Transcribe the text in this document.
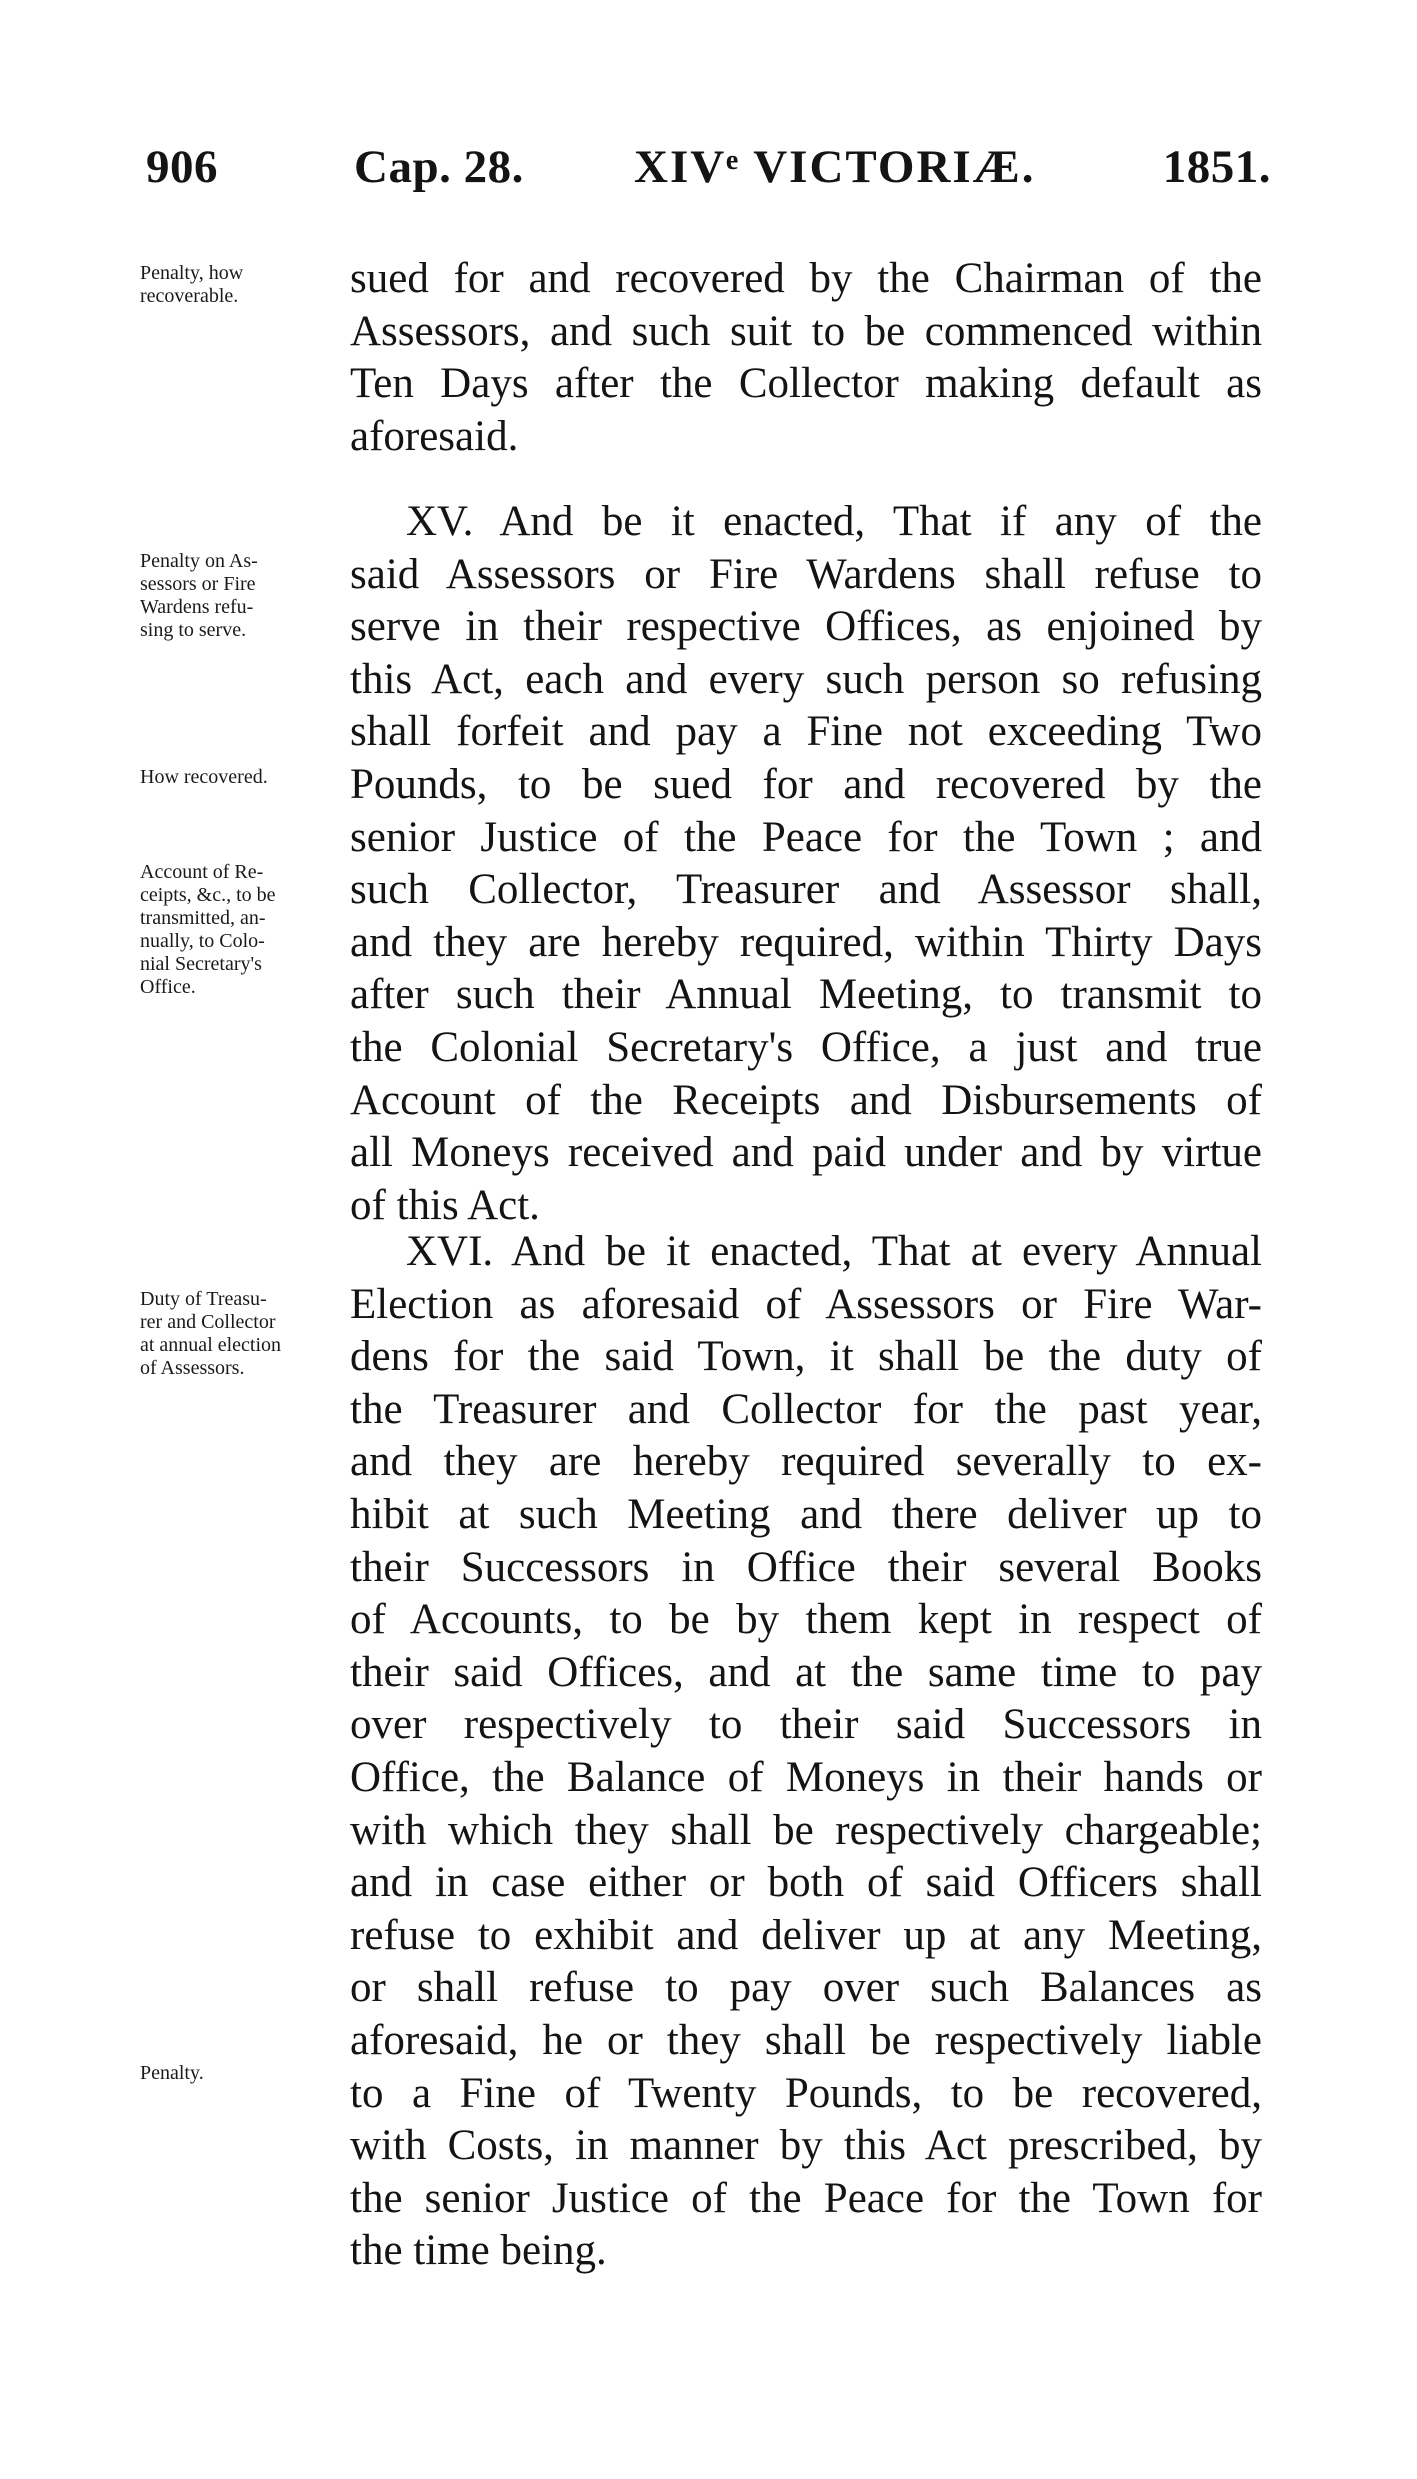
906	Cap. 28. XIVᵉ VICTORIÆ.	1851.
Penalty, how
recoverable.
Penalty on As-
sessors or Fire
Wardens refu-
sing to serve.
How recovered.
Account of Re-
ceipts, &c., to be
transmitted, an-
nually, to Colo-
nial Secretary's
Office.
Duty of Treasu-
rer and Collector
at annual election
of Assessors.
Penalty.
sued for and recovered by the Chairman of the
Assessors, and such suit to be commenced within
Ten Days after the Collector making default as
aforesaid.
XV. And be it enacted, That if any of the
said Assessors or Fire Wardens shall refuse to
serve in their respective Offices, as enjoined by
this Act, each and every such person so refusing
shall forfeit and pay a Fine not exceeding Two
Pounds, to be sued for and recovered by the
senior Justice of the Peace for the Town ; and
such Collector, Treasurer and Assessor shall,
and they are hereby required, within Thirty Days
after such their Annual Meeting, to transmit to
the Colonial Secretary's Office, a just and true
Account of the Receipts and Disbursements of
all Moneys received and paid under and by virtue
of this Act.
XVI. And be it enacted, That at every Annual
Election as aforesaid of Assessors or Fire War-
dens for the said Town, it shall be the duty of
the Treasurer and Collector for the past year,
and they are hereby required severally to ex-
hibit at such Meeting and there deliver up to
their Successors in Office their several Books
of Accounts, to be by them kept in respect of
their said Offices, and at the same time to pay
over respectively to their said Successors in
Office, the Balance of Moneys in their hands or
with which they shall be respectively chargeable;
and in case either or both of said Officers shall
refuse to exhibit and deliver up at any Meeting,
or shall refuse to pay over such Balances as
aforesaid, he or they shall be respectively liable
to a Fine of Twenty Pounds, to be recovered,
with Costs, in manner by this Act prescribed, by
the senior Justice of the Peace for the Town for
the time being.
